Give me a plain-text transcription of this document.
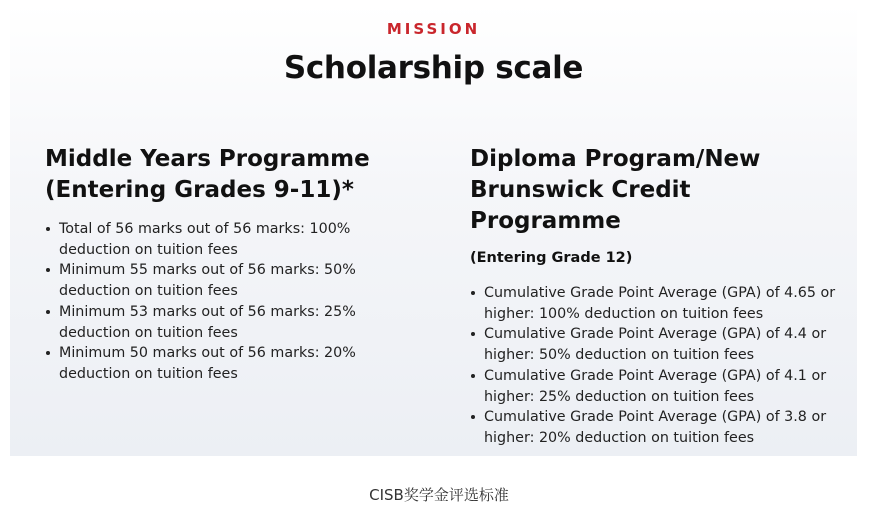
MISSION
Scholarship scale
Middle Years Programme
(Entering Grades 9-11)*
Total of 56 marks out of 56 marks: 100%
deduction on tuition fees
Minimum 55 marks out of 56 marks: 50%
deduction on tuition fees
Minimum 53 marks out of 56 marks: 25%
deduction on tuition fees
Minimum 50 marks out of 56 marks: 20%
deduction on tuition fees
Diploma Program/New
Brunswick Credit
Programme
(Entering Grade 12)
Cumulative Grade Point Average (GPA) of 4.65 or
higher: 100% deduction on tuition fees
Cumulative Grade Point Average (GPA) of 4.4 or
higher: 50% deduction on tuition fees
Cumulative Grade Point Average (GPA) of 4.1 or
higher: 25% deduction on tuition fees
Cumulative Grade Point Average (GPA) of 3.8 or
higher: 20% deduction on tuition fees
CISB奖学金评选标准
